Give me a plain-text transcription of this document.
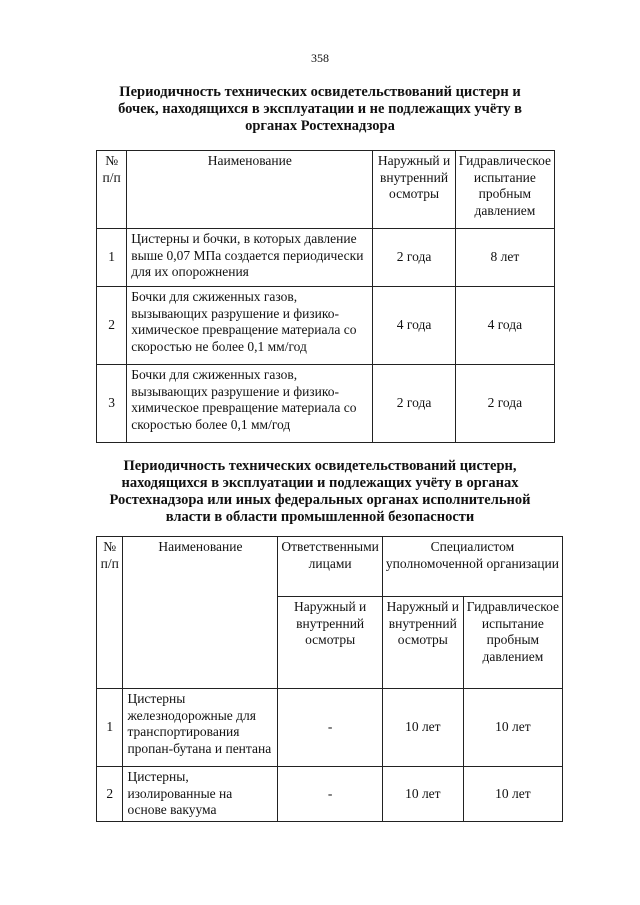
358
Периодичность технических освидетельствований цистерн и бочек, находящихся в эксплуатации и не подлежащих учёту в органах Ростехнадзора
№ п/п	Наименование	Наружный и внутренний осмотры	Гидравлическое испытание пробным давлением
1	Цистерны и бочки, в которых давление выше 0,07 МПа создается периодически для их опорожнения	2 года	8 лет
2	Бочки для сжиженных газов, вызывающих разрушение и физико-химическое превращение материала со скоростью не более 0,1 мм/год	4 года	4 года
3	Бочки для сжиженных газов, вызывающих разрушение и физико-химическое превращение материала со скоростью более 0,1 мм/год	2 года	2 года
Периодичность технических освидетельствований цистерн, находящихся в эксплуатации и подлежащих учёту в органах Ростехнадзора или иных федеральных органах исполнительной власти в области промышленной безопасности
№ п/п	Наименование	Ответственными лицами	Специалистом уполномоченной организации	
		Наружный и внутренний осмотры	Наружный и внутренний осмотры	Гидравлическое испытание пробным давлением
1	Цистерны железнодорожные для транспортирования пропан-бутана и пентана	-	10 лет	10 лет
2	Цистерны, изолированные на основе вакуума	-	10 лет	10 лет
